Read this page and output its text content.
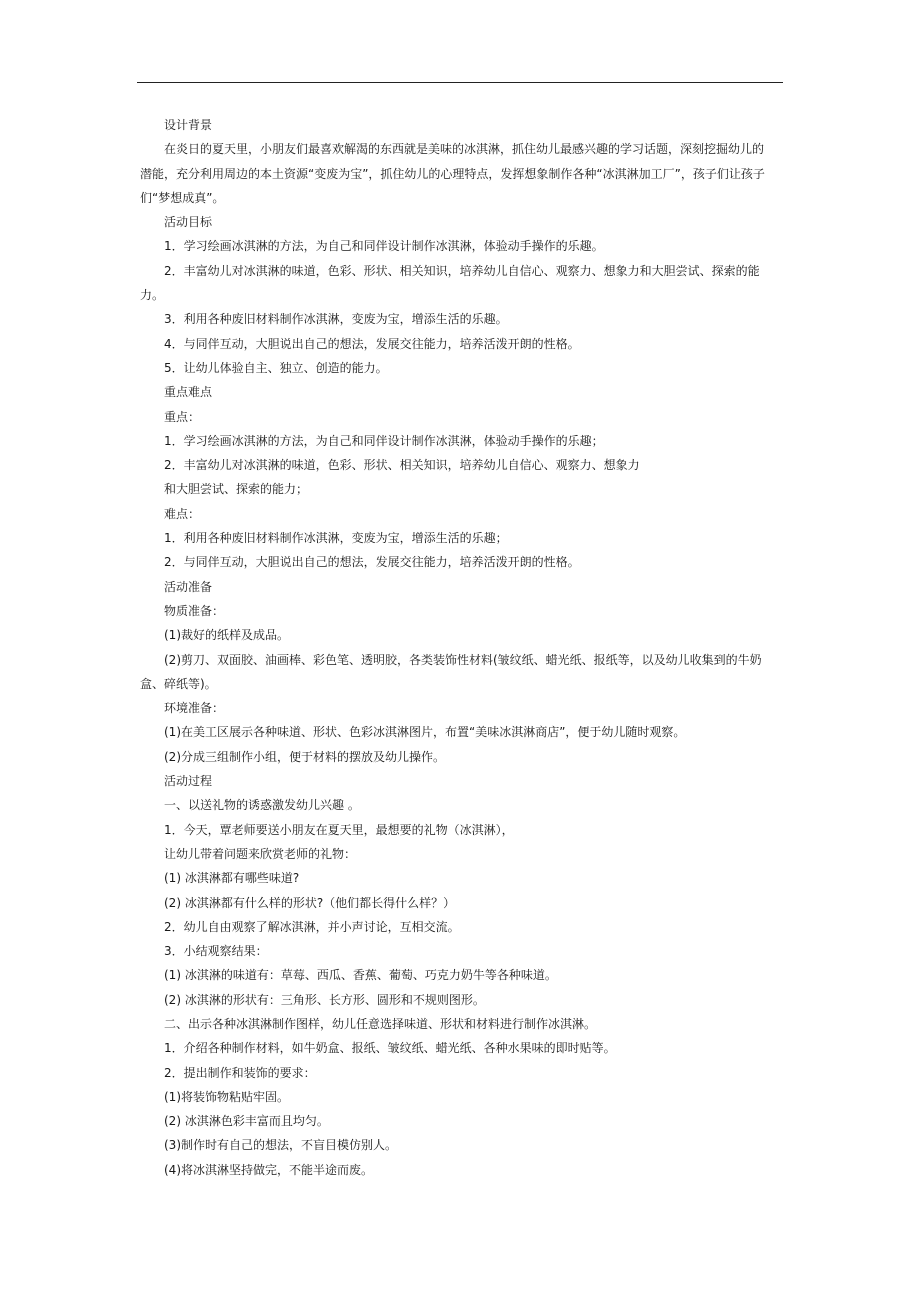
设计背景

在炎日的夏天里，小朋友们最喜欢解渴的东西就是美味的冰淇淋，抓住幼儿最感兴趣的学习话题，深刻挖掘幼儿的

潜能，充分利用周边的本土资源“变废为宝”，抓住幼儿的心理特点，发挥想象制作各种“冰淇淋加工厂”，孩子们让孩子

们“梦想成真”。

活动目标

1．学习绘画冰淇淋的方法，为自己和同伴设计制作冰淇淋，体验动手操作的乐趣。

2．丰富幼儿对冰淇淋的味道，色彩、形状、相关知识，培养幼儿自信心、观察力、想象力和大胆尝试、探索的能

力。

3．利用各种废旧材料制作冰淇淋，变废为宝，增添生活的乐趣。

4．与同伴互动，大胆说出自己的想法，发展交往能力，培养活泼开朗的性格。

5．让幼儿体验自主、独立、创造的能力。

重点难点

重点：

1．学习绘画冰淇淋的方法，为自己和同伴设计制作冰淇淋，体验动手操作的乐趣；

2．丰富幼儿对冰淇淋的味道，色彩、形状、相关知识，培养幼儿自信心、观察力、想象力

和大胆尝试、探索的能力；

难点：

1．利用各种废旧材料制作冰淇淋，变废为宝，增添生活的乐趣；

2．与同伴互动，大胆说出自己的想法，发展交往能力，培养活泼开朗的性格。

活动准备

物质准备：

(1)裁好的纸样及成品。

(2)剪刀、双面胶、油画棒、彩色笔、透明胶，各类装饰性材料(皱纹纸、蜡光纸、报纸等，以及幼儿收集到的牛奶

盒、碎纸等)。

环境准备：

(1)在美工区展示各种味道、形状、色彩冰淇淋图片，布置“美味冰淇淋商店”，便于幼儿随时观察。

(2)分成三组制作小组，便于材料的摆放及幼儿操作。

活动过程

一、以送礼物的诱惑激发幼儿兴趣 。

1．今天，覃老师要送小朋友在夏天里，最想要的礼物（冰淇淋），

让幼儿带着问题来欣赏老师的礼物：

(1) 冰淇淋都有哪些味道?

(2) 冰淇淋都有什么样的形状?（他们都长得什么样？）

2．幼儿自由观察了解冰淇淋，并小声讨论，互相交流。

3．小结观察结果：

(1) 冰淇淋的味道有：草莓、西瓜、香蕉、葡萄、巧克力奶牛等各种味道。

(2) 冰淇淋的形状有：三角形、长方形、圆形和不规则图形。

二、出示各种冰淇淋制作图样，幼儿任意选择味道、形状和材料进行制作冰淇淋。

1．介绍各种制作材料，如牛奶盒、报纸、皱纹纸、蜡光纸、各种水果味的即时贴等。

2．提出制作和装饰的要求：

(1)将装饰物粘贴牢固。

(2) 冰淇淋色彩丰富而且均匀。

(3)制作时有自己的想法，不盲目模仿别人。

(4)将冰淇淋坚持做完，不能半途而废。
